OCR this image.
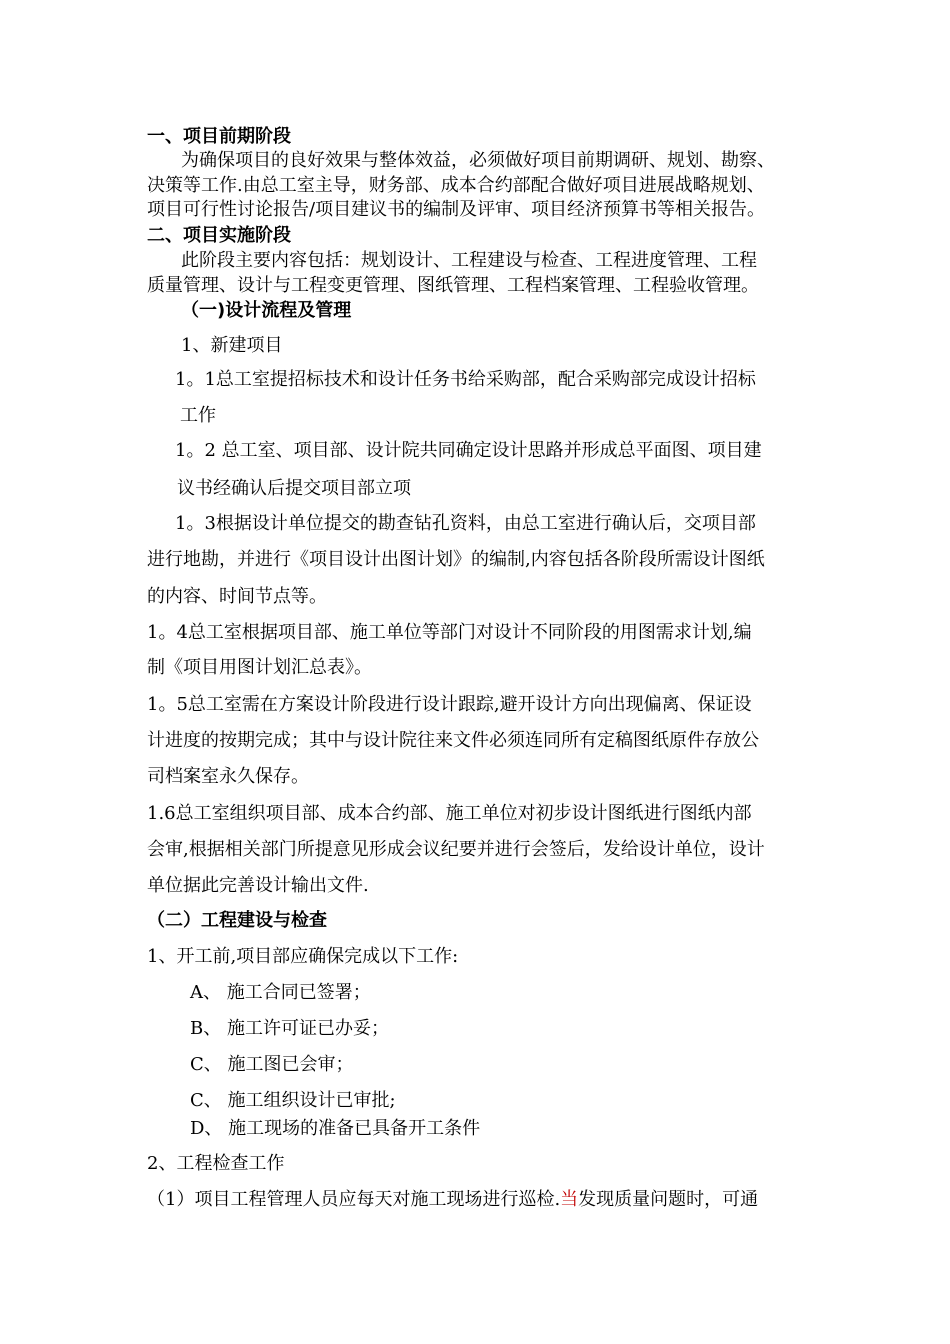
一、项目前期阶段
为确保项目的良好效果与整体效益，必须做好项目前期调研、规划、勘察、
决策等工作.由总工室主导，财务部、成本合约部配合做好项目进展战略规划、
项目可行性讨论报告/项目建议书的编制及评审、项目经济预算书等相关报告。
二、项目实施阶段
此阶段主要内容包括：规划设计、工程建设与检查、工程进度管理、工程
质量管理、设计与工程变更管理、图纸管理、工程档案管理、工程验收管理。
（一)设计流程及管理
1、新建项目
1。1总工室提招标技术和设计任务书给采购部，配合采购部完成设计招标
工作
1。2 总工室、项目部、设计院共同确定设计思路并形成总平面图、项目建
议书经确认后提交项目部立项
1。3根据设计单位提交的勘查钻孔资料，由总工室进行确认后，交项目部
进行地勘，并进行《项目设计出图计划》的编制,内容包括各阶段所需设计图纸
的内容、时间节点等。
1。4总工室根据项目部、施工单位等部门对设计不同阶段的用图需求计划,编
制《项目用图计划汇总表》。
1。5总工室需在方案设计阶段进行设计跟踪,避开设计方向出现偏离、保证设
计进度的按期完成；其中与设计院往来文件必须连同所有定稿图纸原件存放公
司档案室永久保存。
1.6总工室组织项目部、成本合约部、施工单位对初步设计图纸进行图纸内部
会审,根据相关部门所提意见形成会议纪要并进行会签后，发给设计单位，设计
单位据此完善设计输出文件.
（二）工程建设与检查
1、开工前,项目部应确保完成以下工作:
A、 施工合同已签署；
B、 施工许可证已办妥；
C、 施工图已会审；
C、 施工组织设计已审批;
D、 施工现场的准备已具备开工条件
2、工程检查工作
（1）项目工程管理人员应每天对施工现场进行巡检.当发现质量问题时，可通
